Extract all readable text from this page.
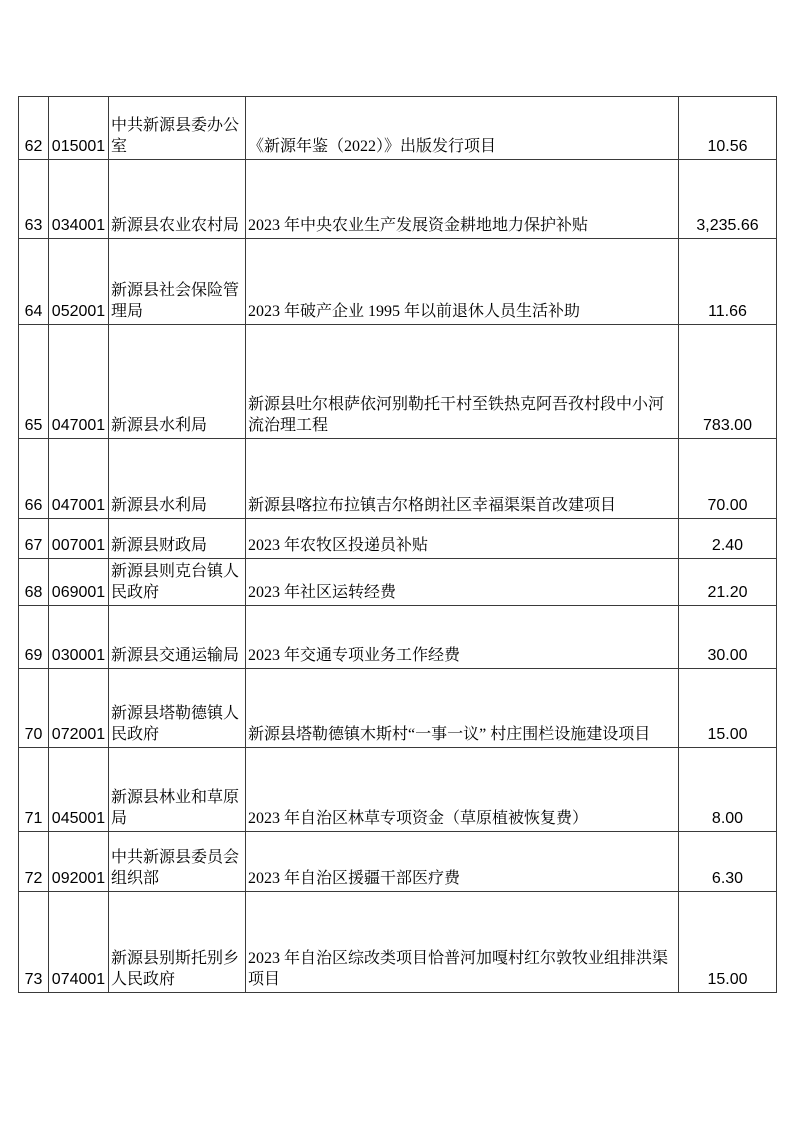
62	015001	中共新源县委办公室	《新源年鉴（2022）》出版发行项目	10.56
63	034001	新源县农业农村局	2023 年中央农业生产发展资金耕地地力保护补贴	3,235.66
64	052001	新源县社会保险管理局	2023 年破产企业 1995 年以前退休人员生活补助	11.66
65	047001	新源县水利局	新源县吐尔根萨依河别勒托干村至铁热克阿吾孜村段中小河流治理工程	783.00
66	047001	新源县水利局	新源县喀拉布拉镇吉尔格朗社区幸福渠渠首改建项目	70.00
67	007001	新源县财政局	2023 年农牧区投递员补贴	2.40
68	069001	新源县则克台镇人民政府	2023 年社区运转经费	21.20
69	030001	新源县交通运输局	2023 年交通专项业务工作经费	30.00
70	072001	新源县塔勒德镇人民政府	新源县塔勒德镇木斯村“一事一议” 村庄围栏设施建设项目	15.00
71	045001	新源县林业和草原局	2023 年自治区林草专项资金（草原植被恢复费）	8.00
72	092001	中共新源县委员会组织部	2023 年自治区援疆干部医疗费	6.30
73	074001	新源县别斯托别乡人民政府	2023 年自治区综改类项目恰普河加嘎村红尔敦牧业组排洪渠项目	15.00
